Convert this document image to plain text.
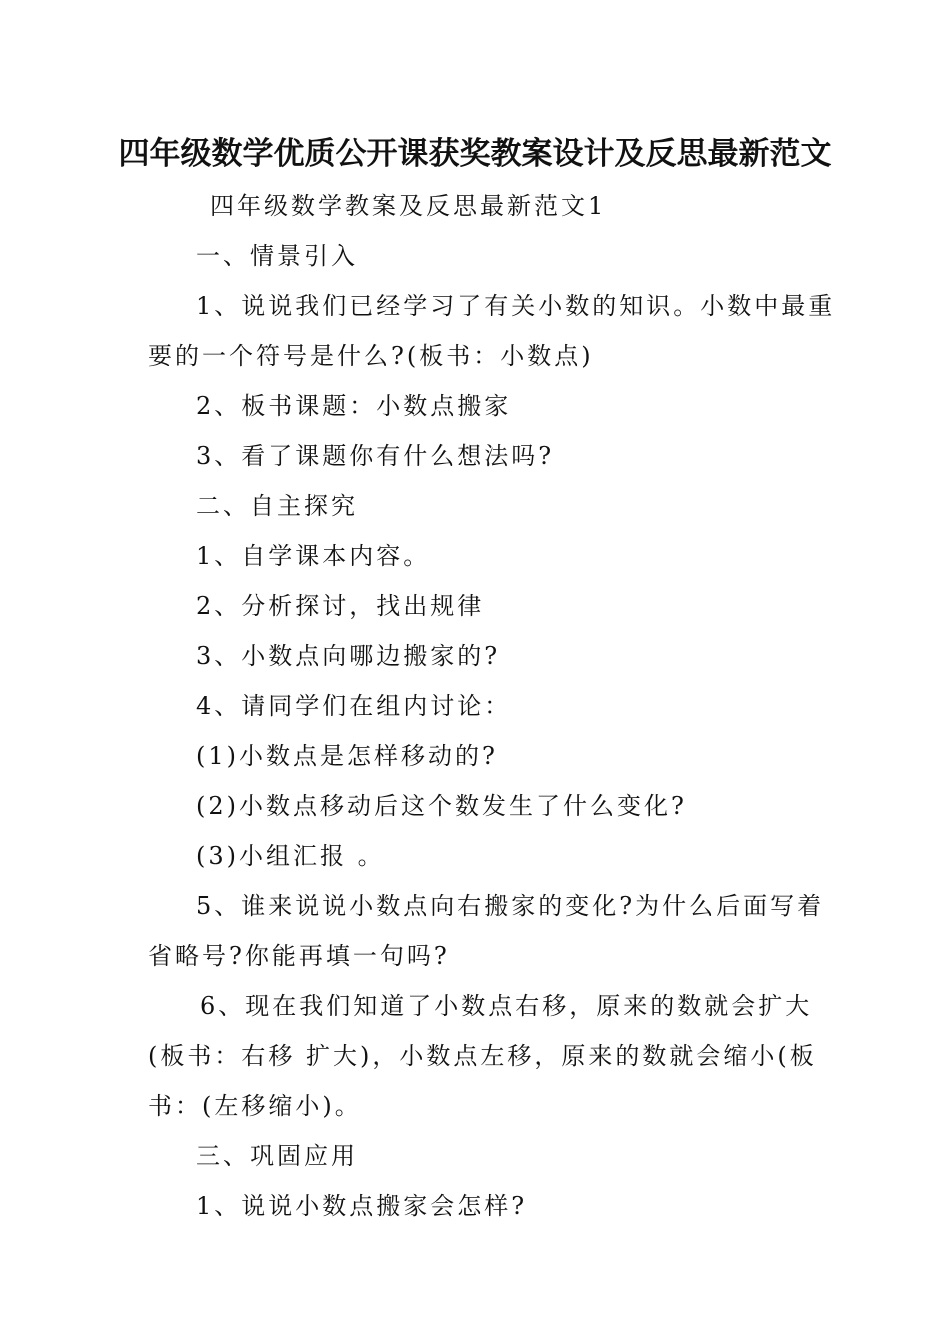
四年级数学优质公开课获奖教案设计及反思最新范文
四年级数学教案及反思最新范文1
一、情景引入
1、说说我们已经学习了有关小数的知识。小数中最重
要的一个符号是什么?(板书：小数点)
2、板书课题：小数点搬家
3、看了课题你有什么想法吗?
二、自主探究
1、自学课本内容。
2、分析探讨，找出规律
3、小数点向哪边搬家的?
4、请同学们在组内讨论：
(1)小数点是怎样移动的?
(2)小数点移动后这个数发生了什么变化?
(3)小组汇报 。
5、谁来说说小数点向右搬家的变化?为什么后面写着
省略号?你能再填一句吗?
6、现在我们知道了小数点右移，原来的数就会扩大
(板书：右移 扩大)，小数点左移，原来的数就会缩小(板
书：(左移缩小)。
三、巩固应用
1、说说小数点搬家会怎样?
